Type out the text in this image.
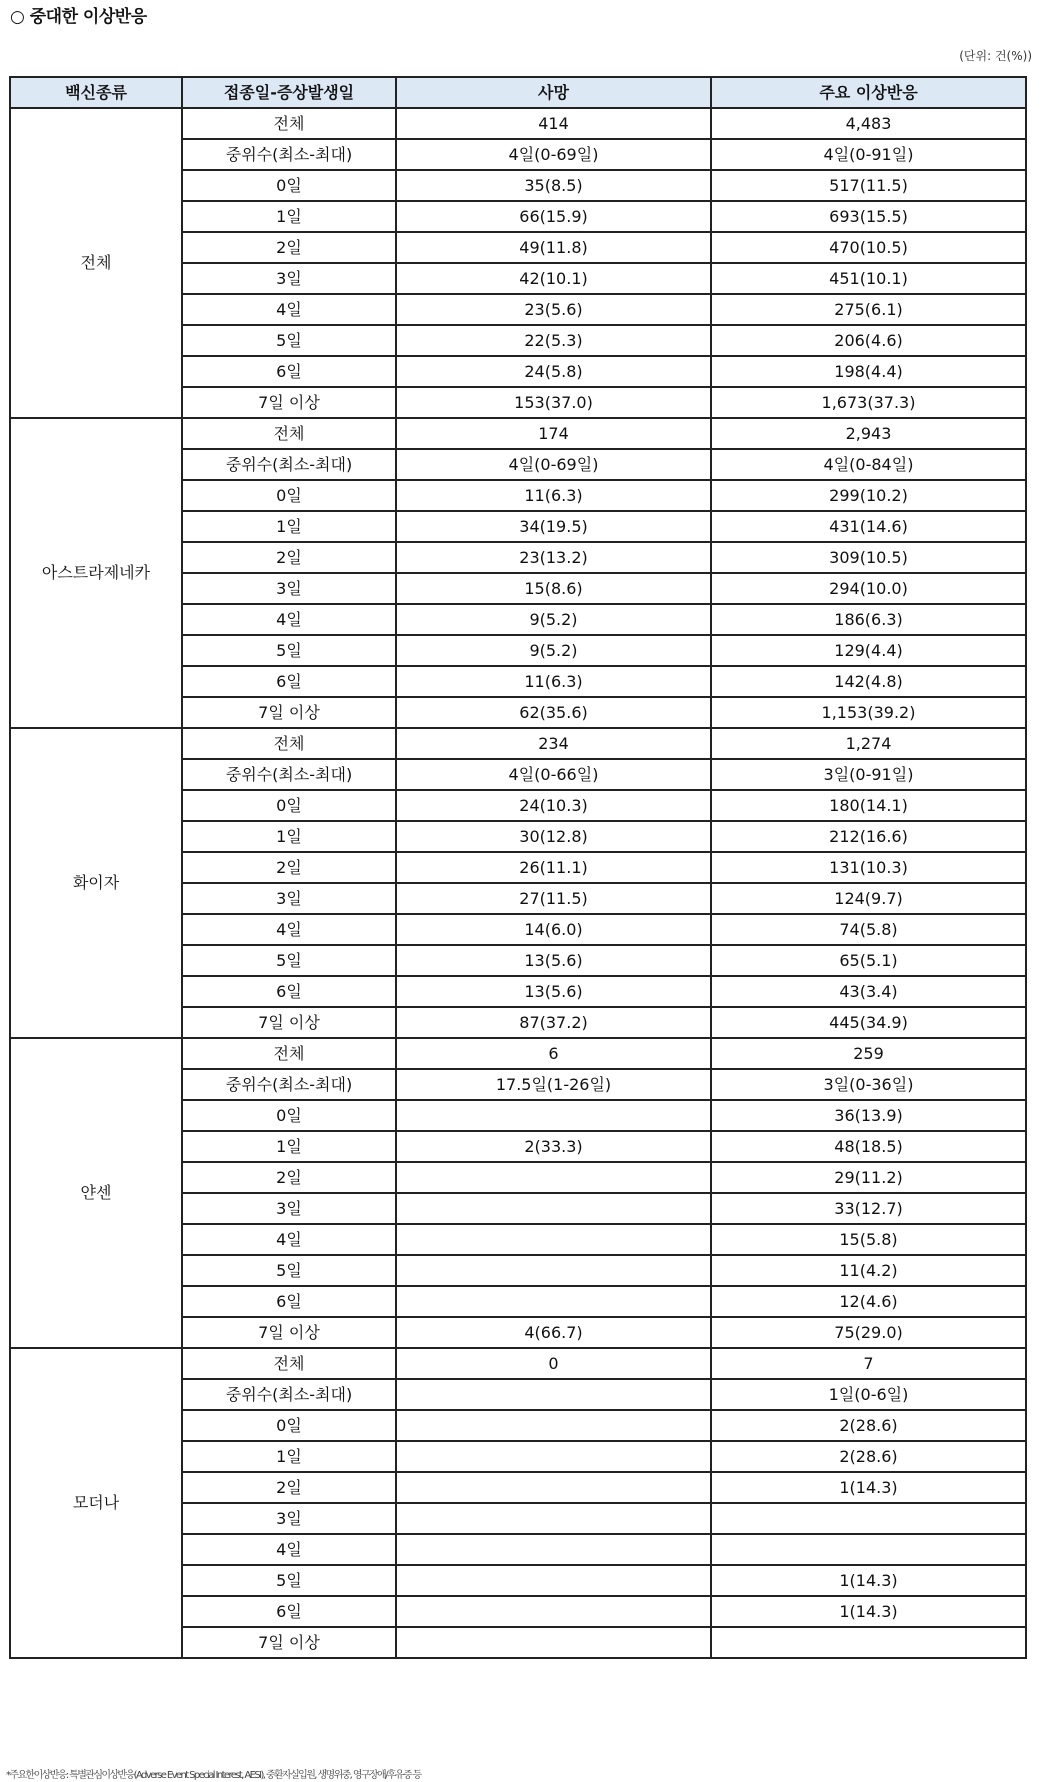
○ 중대한 이상반응
(단위: 건(%))
백신종류	접종일-증상발생일	사망	주요 이상반응
전체	전체	414	4,483
	중위수(최소-최대)	4일(0-69일)	4일(0-91일)
	0일	35(8.5)	517(11.5)
	1일	66(15.9)	693(15.5)
	2일	49(11.8)	470(10.5)
	3일	42(10.1)	451(10.1)
	4일	23(5.6)	275(6.1)
	5일	22(5.3)	206(4.6)
	6일	24(5.8)	198(4.4)
	7일 이상	153(37.0)	1,673(37.3)
아스트라제네카	전체	174	2,943
	중위수(최소-최대)	4일(0-69일)	4일(0-84일)
	0일	11(6.3)	299(10.2)
	1일	34(19.5)	431(14.6)
	2일	23(13.2)	309(10.5)
	3일	15(8.6)	294(10.0)
	4일	9(5.2)	186(6.3)
	5일	9(5.2)	129(4.4)
	6일	11(6.3)	142(4.8)
	7일 이상	62(35.6)	1,153(39.2)
화이자	전체	234	1,274
	중위수(최소-최대)	4일(0-66일)	3일(0-91일)
	0일	24(10.3)	180(14.1)
	1일	30(12.8)	212(16.6)
	2일	26(11.1)	131(10.3)
	3일	27(11.5)	124(9.7)
	4일	14(6.0)	74(5.8)
	5일	13(5.6)	65(5.1)
	6일	13(5.6)	43(3.4)
	7일 이상	87(37.2)	445(34.9)
얀센	전체	6	259
	중위수(최소-최대)	17.5일(1-26일)	3일(0-36일)
	0일		36(13.9)
	1일	2(33.3)	48(18.5)
	2일		29(11.2)
	3일		33(12.7)
	4일		15(5.8)
	5일		11(4.2)
	6일		12(4.6)
	7일 이상	4(66.7)	75(29.0)
모더나	전체	0	7
	중위수(최소-최대)		1일(0-6일)
	0일		2(28.6)
	1일		2(28.6)
	2일		1(14.3)
	3일		
	4일		
	5일		1(14.3)
	6일		1(14.3)
	7일 이상		
*주요한이상반응: 특별관심이상반응(Adverse Event Special Interest, AESI), 중환자실입원, 생명위중, 영구장애/후유증 등
